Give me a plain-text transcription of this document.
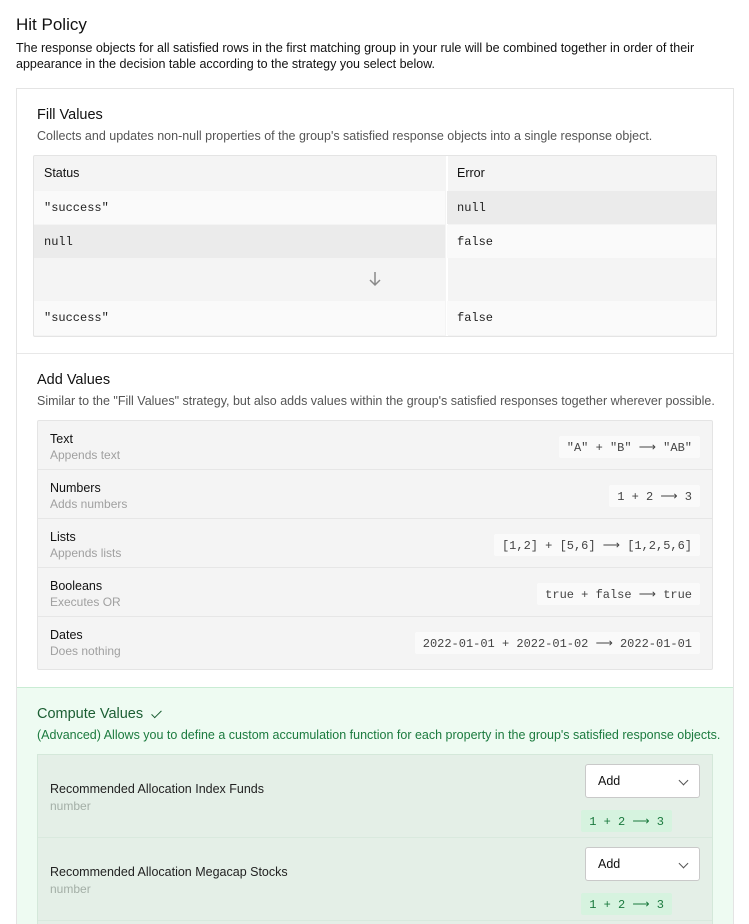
Hit Policy
The response objects for all satisfied rows in the first matching group in your rule will be combined together in order of their appearance in the decision table according to the strategy you select below.
Fill Values
Collects and updates non-null properties of the group's satisfied response objects into a single response object.
Status	Error
"success"	null
null	false
"success"	false
Add Values
Similar to the "Fill Values" strategy, but also adds values within the group's satisfied responses together wherever possible.
Text
Appends text
"A" + "B" ⟶ "AB"
Numbers
Adds numbers
1 + 2 ⟶ 3
Lists
Appends lists
[1,2] + [5,6] ⟶ [1,2,5,6]
Booleans
Executes OR
true + false ⟶ true
Dates
Does nothing
2022-01-01 + 2022-01-02 ⟶ 2022-01-01
Compute Values
(Advanced) Allows you to define a custom accumulation function for each property in the group's satisfied response objects.
Recommended Allocation Index Funds
number
Add
1 + 2 ⟶ 3
Recommended Allocation Megacap Stocks
number
Add
1 + 2 ⟶ 3
